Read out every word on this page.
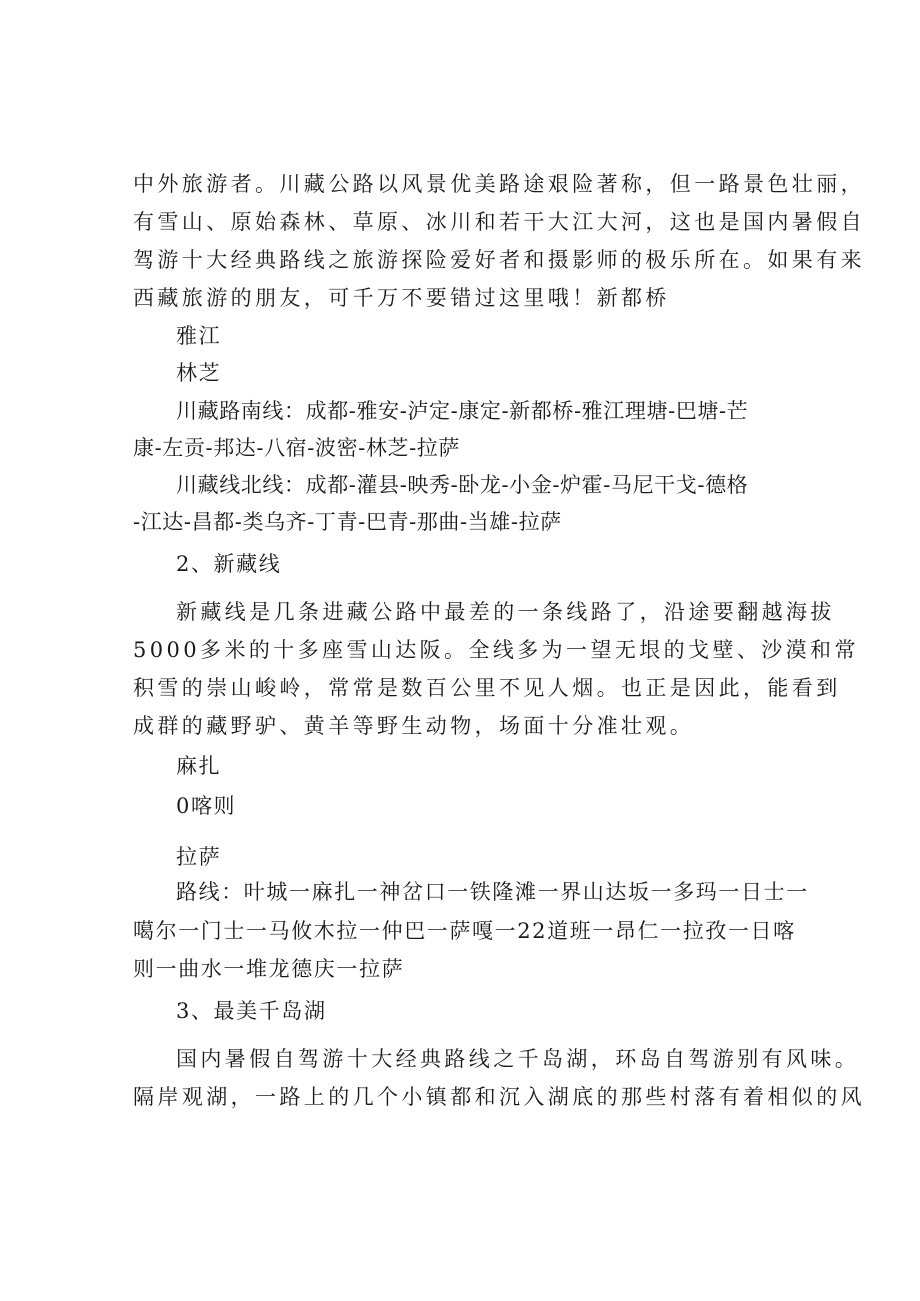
中外旅游者。川藏公路以风景优美路途艰险著称，但一路景色壮丽，

有雪山、原始森林、草原、冰川和若干大江大河，这也是国内暑假自

驾游十大经典路线之旅游探险爱好者和摄影师的极乐所在。如果有来

西藏旅游的朋友，可千万不要错过这里哦！新都桥

雅江

林芝

川藏路南线：成都-雅安-泸定-康定-新都桥-雅江理塘-巴塘-芒

康-左贡-邦达-八宿-波密-林芝-拉萨

川藏线北线：成都-灌县-映秀-卧龙-小金-炉霍-马尼干戈-德格

-江达-昌都-类乌齐-丁青-巴青-那曲-当雄-拉萨

2、新藏线

新藏线是几条进藏公路中最差的一条线路了，沿途要翻越海拔

5000多米的十多座雪山达阪。全线多为一望无垠的戈壁、沙漠和常

积雪的崇山峻岭，常常是数百公里不见人烟。也正是因此，能看到

成群的藏野驴、黄羊等野生动物，场面十分准壮观。

麻扎

0喀则

拉萨

路线：叶城一麻扎一神岔口一铁隆滩一界山达坂一多玛一日士一

噶尔一门士一马攸木拉一仲巴一萨嘎一22道班一昂仁一拉孜一日喀

则一曲水一堆龙德庆一拉萨

3、最美千岛湖

国内暑假自驾游十大经典路线之千岛湖，环岛自驾游别有风味。

隔岸观湖，一路上的几个小镇都和沉入湖底的那些村落有着相似的风
